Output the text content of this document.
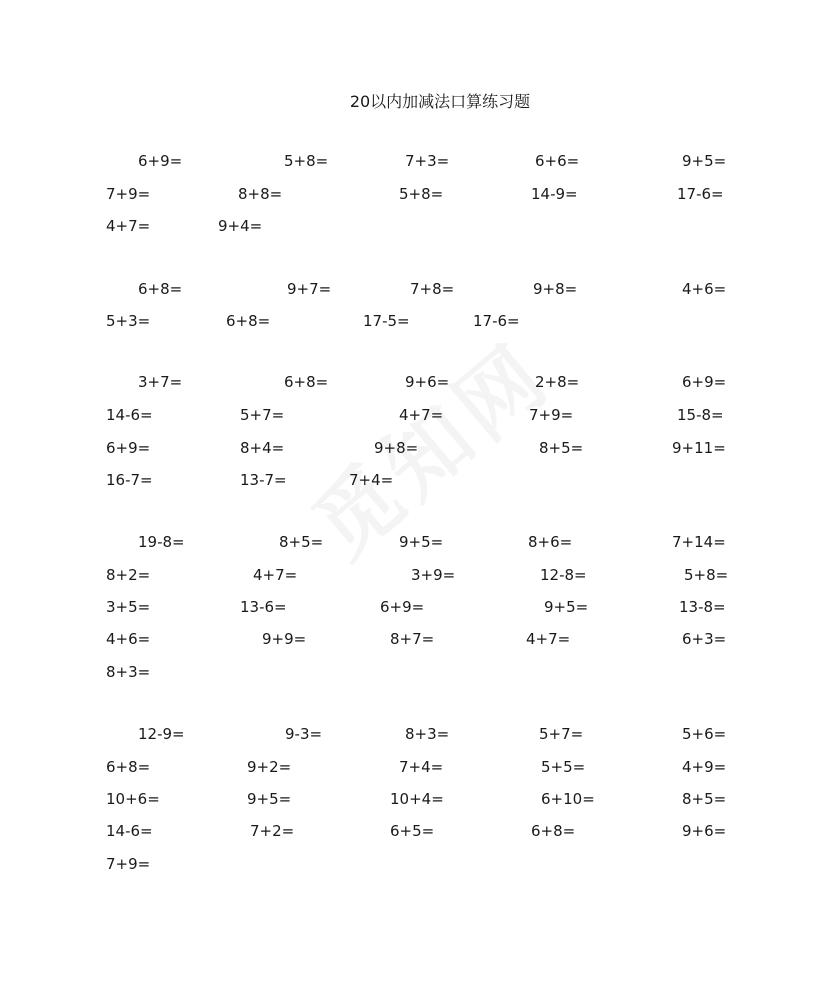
20以内加减法口算练习题
6+9=	5+8=	7+3=	6+6=	9+5=
7+9=	8+8=	5+8=	14-9=	17-6=
4+7=	9+4=
6+8=	9+7=	7+8=	9+8=	4+6=
5+3=	6+8=	17-5=	17-6=
3+7=	6+8=	9+6=	2+8=	6+9=
14-6=	5+7=	4+7=	7+9=	15-8=
6+9=	8+4=	9+8=	8+5=	9+11=
16-7=	13-7=	7+4=
19-8=	8+5=	9+5=	8+6=	7+14=
8+2=	4+7=	3+9=	12-8=	5+8=
3+5=	13-6=	6+9=	9+5=	13-8=
4+6=	9+9=	8+7=	4+7=	6+3=
8+3=
12-9=	9-3=	8+3=	5+7=	5+6=
6+8=	9+2=	7+4=	5+5=	4+9=
10+6=	9+5=	10+4=	6+10=	8+5=
14-6=	7+2=	6+5=	6+8=	9+6=
7+9=
